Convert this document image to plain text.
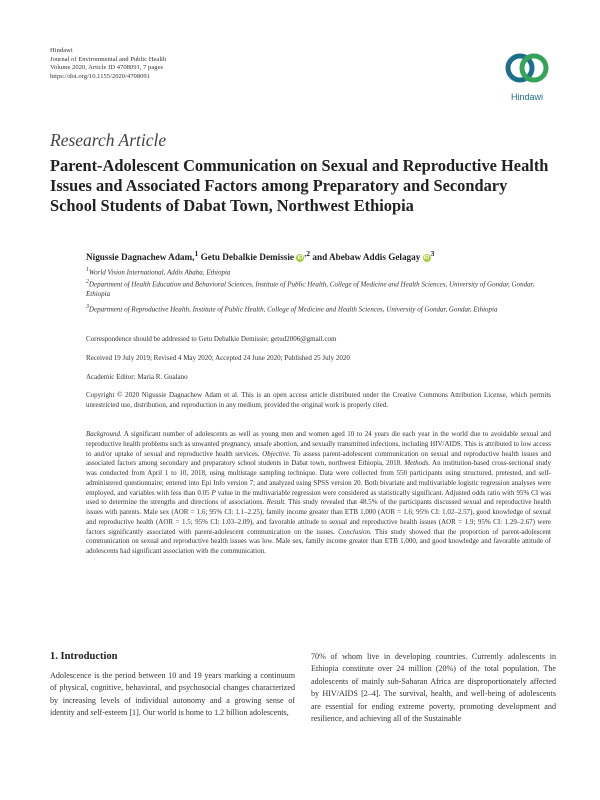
Hindawi
Journal of Environmental and Public Health
Volume 2020, Article ID 4708091, 7 pages
https://doi.org/10.1155/2020/4708091
Hindawi
Research Article
Parent-Adolescent Communication on Sexual and Reproductive Health Issues and Associated Factors among Preparatory and Secondary School Students of Dabat Town, Northwest Ethiopia
Nigussie Dagnachew Adam,$^1$ Getu Debalkie Demissie $iD^{,2}$ and Abebaw Addis Gelagay $iD^3$
$^1$World Vision International, Addis Ababa, Ethiopia
$^2$Department of Health Education and Behavioral Sciences, Institute of Public Health, College of Medicine and Health Sciences, University of Gondar, Gondar, Ethiopia
$^3$Department of Reproductive Health, Institute of Public Health, College of Medicine and Health Sciences, University of Gondar, Gondar, Ethiopia
Correspondence should be addressed to Getu Debalkie Demissie; getud2006@gmail.com
Received 19 July 2019; Revised 4 May 2020; Accepted 24 June 2020; Published 25 July 2020
Academic Editor: Maria R. Gualano
Copyright © 2020 Nigussie Dagnachew Adam et al. This is an open access article distributed under the Creative Commons Attribution License, which permits unrestricted use, distribution, and reproduction in any medium, provided the original work is properly cited.
Background. A significant number of adolescents as well as young men and women aged 10 to 24 years die each year in the world due to avoidable sexual and reproductive health problems such as unwanted pregnancy, unsafe abortion, and sexually transmitted infections, including HIV/AIDS. This is attributed to low access to and/or uptake of sexual and reproductive health services. Objective. To assess parent-adolescent communication on sexual and reproductive health issues and associated factors among secondary and preparatory school students in Dabat town, northwest Ethiopia, 2018. Methods. An institution-based cross-sectional study was conducted from April 1 to 10, 2018, using multistage sampling technique. Data were collected from 550 participants using structured, pretested, and self-administered questionnaire; entered into Epi Info version 7; and analyzed using SPSS version 20. Both bivariate and multivariable logistic regression analyses were employed, and variables with less than 0.05 P value in the multivariable regression were considered as statistically significant. Adjusted odds ratio with 95% CI was used to determine the strengths and directions of associations. Result. This study revealed that 48.5% of the participants discussed sexual and reproductive health issues with parents. Male sex (AOR = 1.6; 95% CI: 1.1–2.25), family income greater than ETB 1,000 (AOR = 1.6; 95% CI: 1.02–2.57), good knowledge of sexual and reproductive health (AOR = 1.5; 95% CI: 1.03–2.09), and favorable attitude to sexual and reproductive health issues (AOR = 1.9; 95% CI: 1.29–2.67) were factors significantly associated with parent-adolescent communication on the issues. Conclusion. This study showed that the proportion of parent-adolescent communication on sexual and reproductive health issues was low. Male sex, family income greater than ETB 1,000, and good knowledge and favorable attitude of adolescents had significant association with the communication.
1. Introduction
Adolescence is the period between 10 and 19 years marking a continuum of physical, cognitive, behavioral, and psychosocial changes characterized by increasing levels of individual autonomy and a growing sense of identity and self-esteem [1]. Our world is home to 1.2 billion adolescents,
70% of whom live in developing countries. Currently adolescents in Ethiopia constitute over 24 million (20%) of the total population. The adolescents of mainly sub-Saharan Africa are disproportionately affected by HIV/AIDS [2–4]. The survival, health, and well-being of adolescents are essential for ending extreme poverty, promoting development and resilience, and achieving all of the Sustainable
